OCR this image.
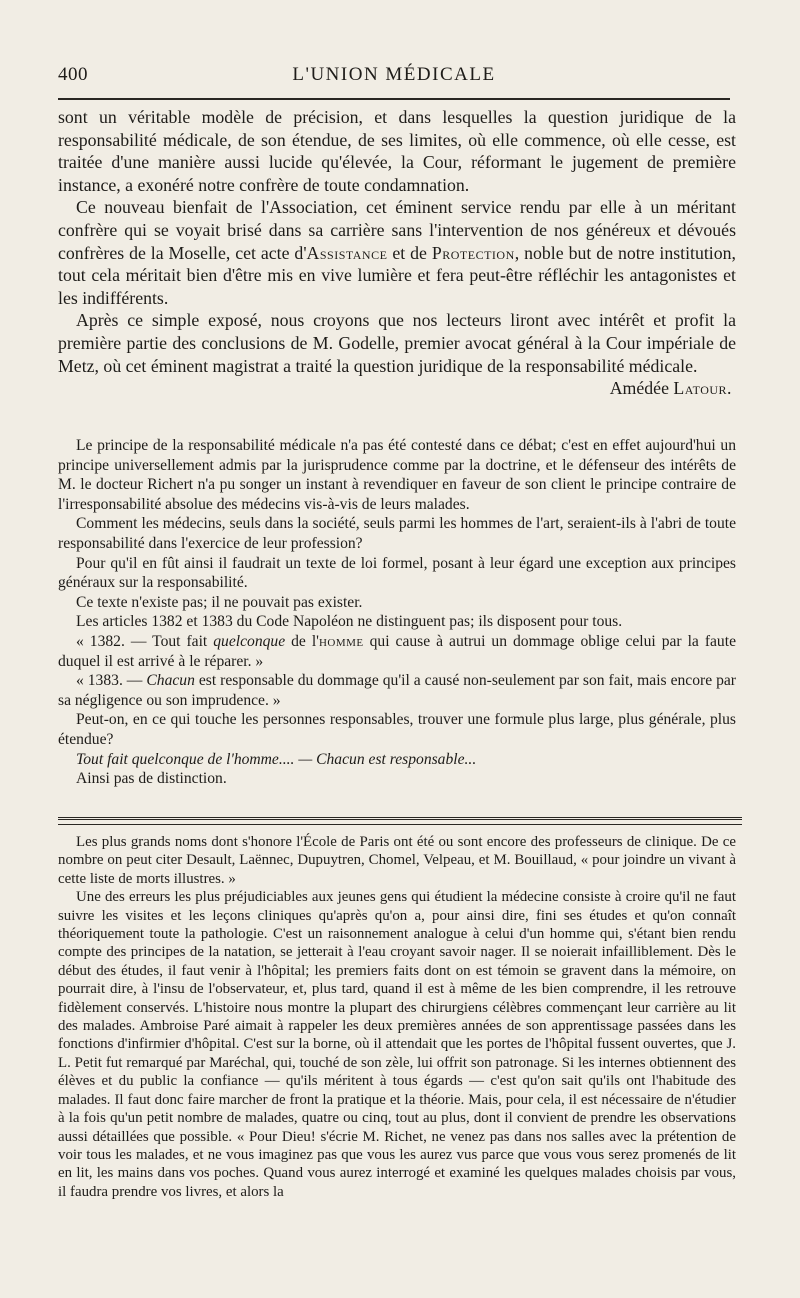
400	L'UNION MÉDICALE

sont un véritable modèle de précision, et dans lesquelles la question juridique de la responsabilité médicale, de son étendue, de ses limites, où elle commence, où elle cesse, est traitée d'une manière aussi lucide qu'élevée, la Cour, réformant le jugement de première instance, a exonéré notre confrère de toute condamnation.

Ce nouveau bienfait de l'Association, cet éminent service rendu par elle à un méritant confrère qui se voyait brisé dans sa carrière sans l'intervention de nos généreux et dévoués confrères de la Moselle, cet acte d'Assistance et de Protection, noble but de notre institution, tout cela méritait bien d'être mis en vive lumière et fera peut-être réfléchir les antagonistes et les indifférents.

Après ce simple exposé, nous croyons que nos lecteurs liront avec intérêt et profit la première partie des conclusions de M. Godelle, premier avocat général à la Cour impériale de Metz, où cet éminent magistrat a traité la question juridique de la responsabilité médicale.

Amédée Latour.

Le principe de la responsabilité médicale n'a pas été contesté dans ce débat; c'est en effet aujourd'hui un principe universellement admis par la jurisprudence comme par la doctrine, et le défenseur des intérêts de M. le docteur Richert n'a pu songer un instant à revendiquer en faveur de son client le principe contraire de l'irresponsabilité absolue des médecins vis-à-vis de leurs malades.

Comment les médecins, seuls dans la société, seuls parmi les hommes de l'art, seraient-ils à l'abri de toute responsabilité dans l'exercice de leur profession?

Pour qu'il en fût ainsi il faudrait un texte de loi formel, posant à leur égard une exception aux principes généraux sur la responsabilité.

Ce texte n'existe pas; il ne pouvait pas exister.

Les articles 1382 et 1383 du Code Napoléon ne distinguent pas; ils disposent pour tous.

« 1382. — Tout fait quelconque de l'homme qui cause à autrui un dommage oblige celui par la faute duquel il est arrivé à le réparer. »

« 1383. — Chacun est responsable du dommage qu'il a causé non-seulement par son fait, mais encore par sa négligence ou son imprudence. »

Peut-on, en ce qui touche les personnes responsables, trouver une formule plus large, plus générale, plus étendue?

Tout fait quelconque de l'homme.... — Chacun est responsable...

Ainsi pas de distinction.

Les plus grands noms dont s'honore l'École de Paris ont été ou sont encore des professeurs de clinique. De ce nombre on peut citer Desault, Laënnec, Dupuytren, Chomel, Velpeau, et M. Bouillaud, « pour joindre un vivant à cette liste de morts illustres. »

Une des erreurs les plus préjudiciables aux jeunes gens qui étudient la médecine consiste à croire qu'il ne faut suivre les visites et les leçons cliniques qu'après qu'on a, pour ainsi dire, fini ses études et qu'on connaît théoriquement toute la pathologie. C'est un raisonnement analogue à celui d'un homme qui, s'étant bien rendu compte des principes de la natation, se jetterait à l'eau croyant savoir nager. Il se noierait infailliblement. Dès le début des études, il faut venir à l'hôpital; les premiers faits dont on est témoin se gravent dans la mémoire, on pourrait dire, à l'insu de l'observateur, et, plus tard, quand il est à même de les bien comprendre, il les retrouve fidèlement conservés. L'histoire nous montre la plupart des chirurgiens célèbres commençant leur carrière au lit des malades. Ambroise Paré aimait à rappeler les deux premières années de son apprentissage passées dans les fonctions d'infirmier d'hôpital. C'est sur la borne, où il attendait que les portes de l'hôpital fussent ouvertes, que J. L. Petit fut remarqué par Maréchal, qui, touché de son zèle, lui offrit son patronage. Si les internes obtiennent des élèves et du public la confiance — qu'ils méritent à tous égards — c'est qu'on sait qu'ils ont l'habitude des malades. Il faut donc faire marcher de front la pratique et la théorie. Mais, pour cela, il est nécessaire de n'étudier à la fois qu'un petit nombre de malades, quatre ou cinq, tout au plus, dont il convient de prendre les observations aussi détaillées que possible. « Pour Dieu! s'écrie M. Richet, ne venez pas dans nos salles avec la prétention de voir tous les malades, et ne vous imaginez pas que vous les aurez vus parce que vous vous serez promenés de lit en lit, les mains dans vos poches. Quand vous aurez interrogé et examiné les quelques malades choisis par vous, il faudra prendre vos livres, et alors la
